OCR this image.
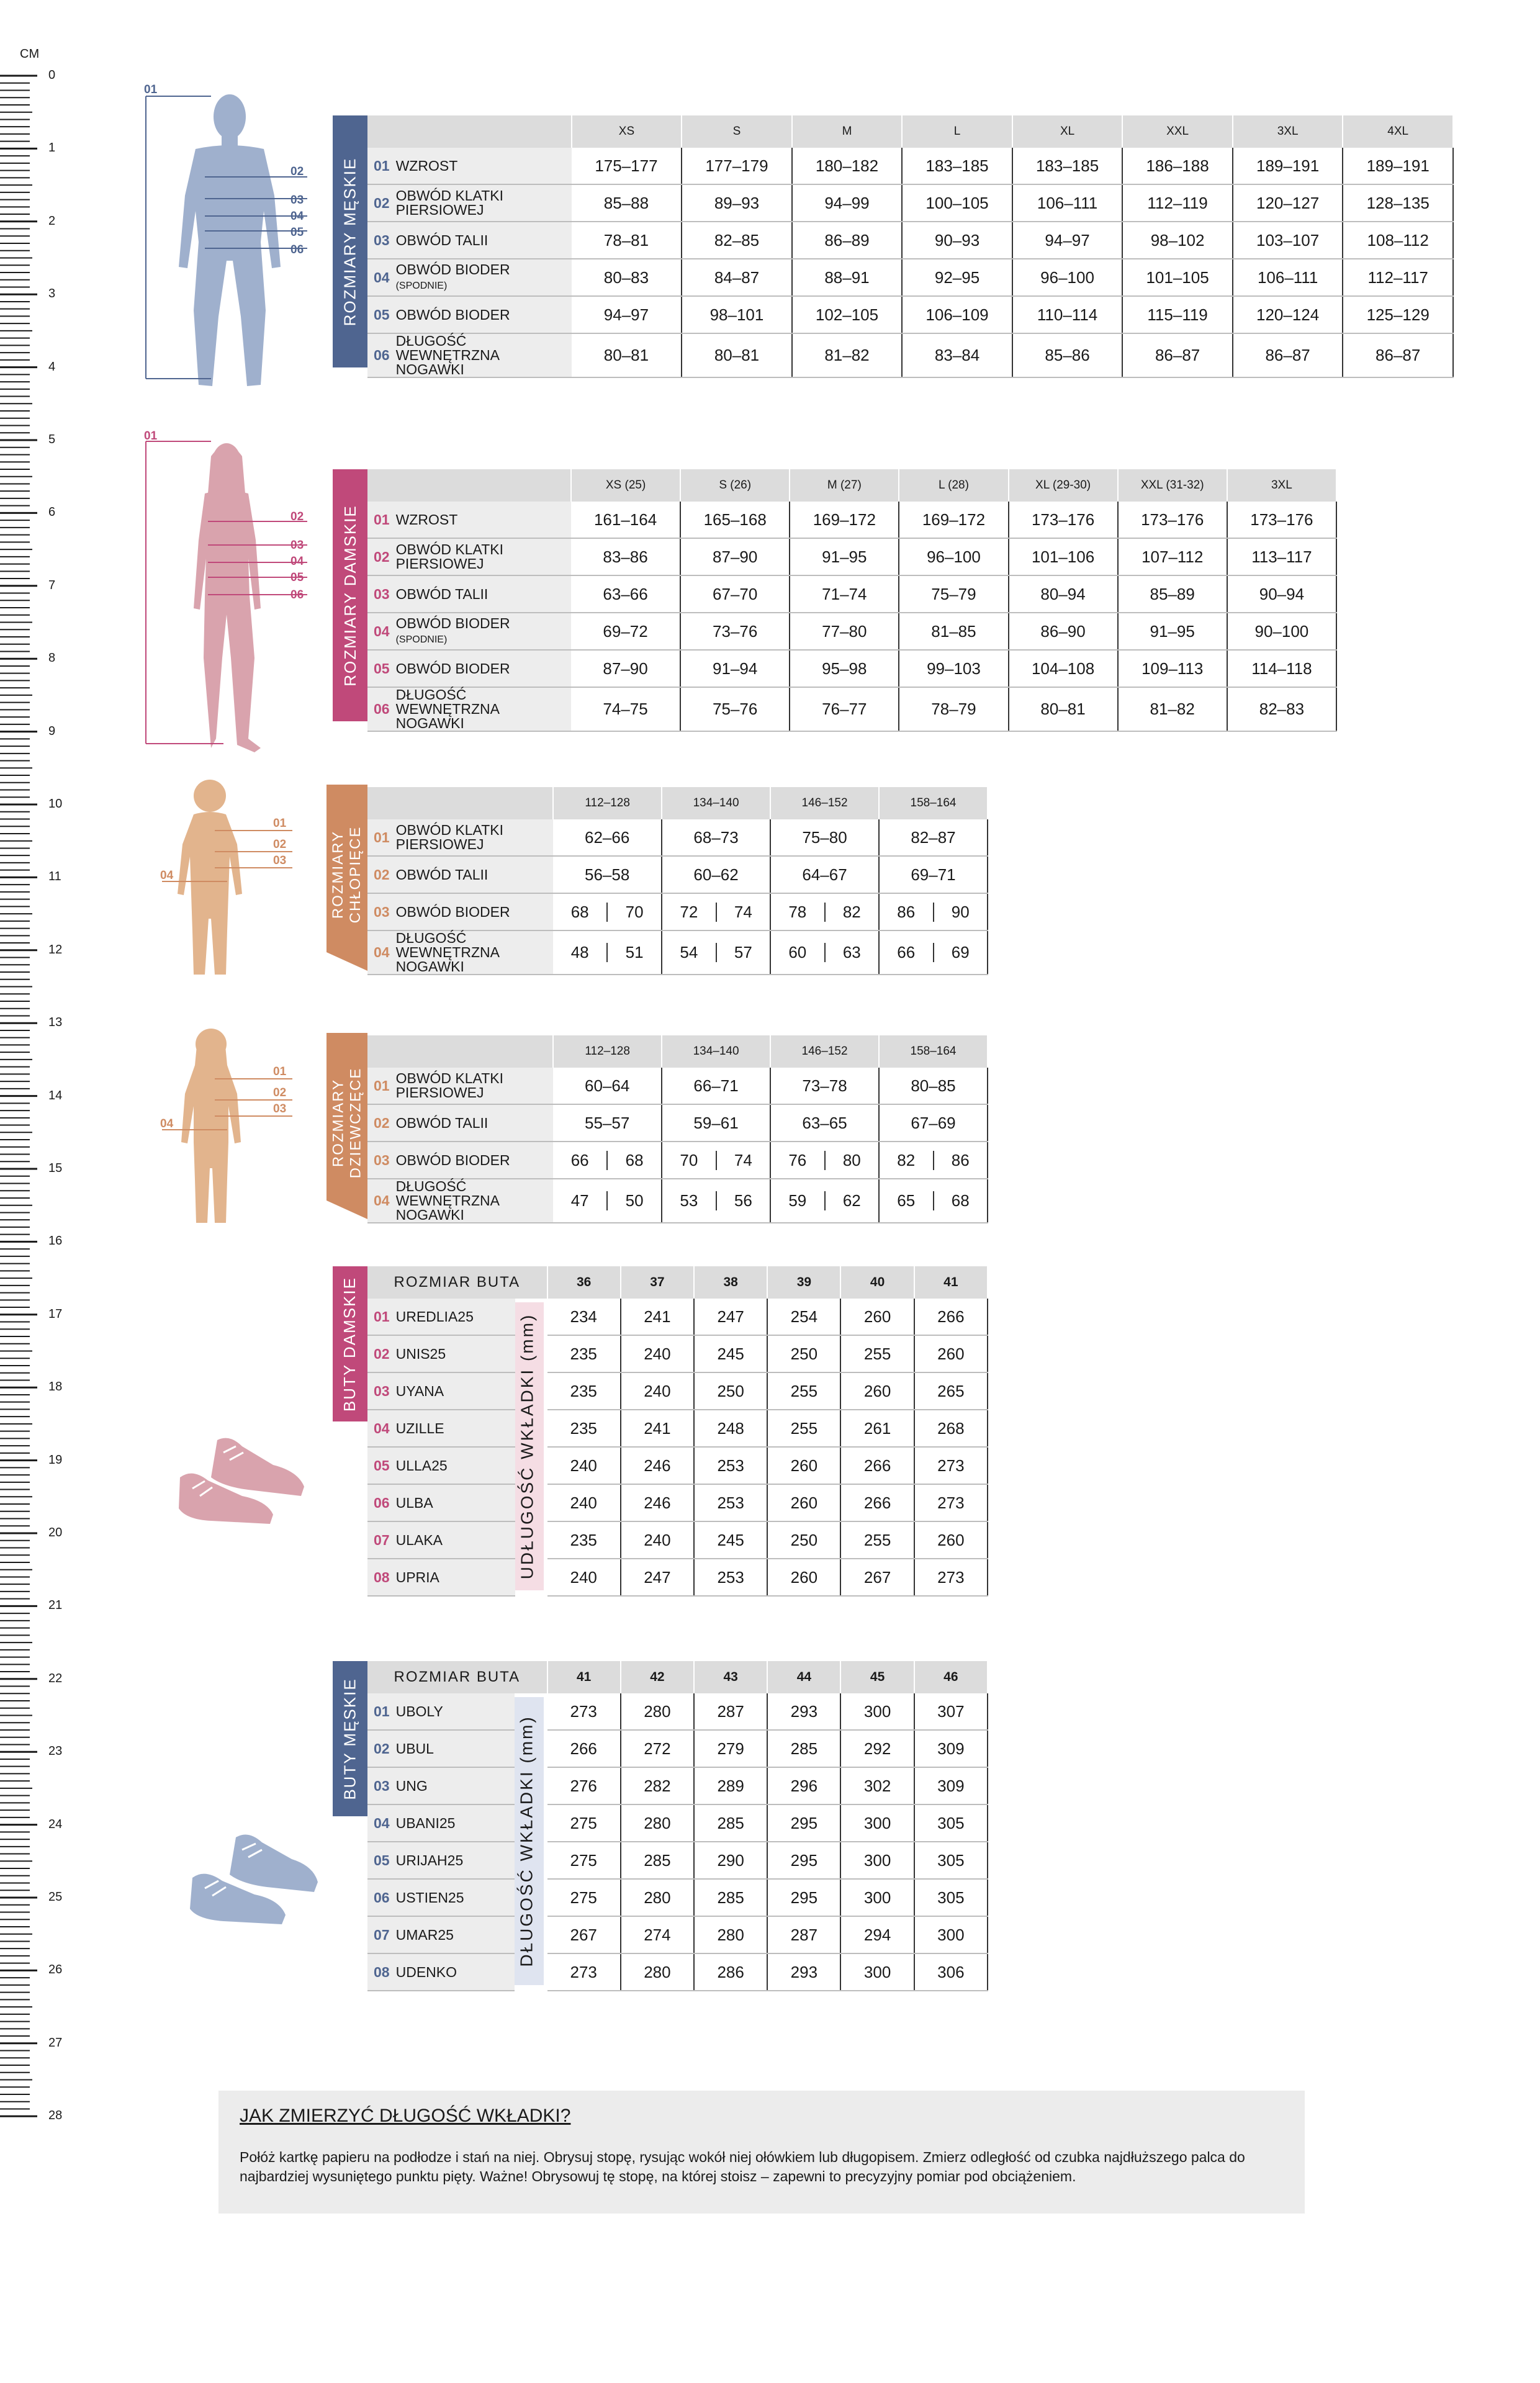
CM
0
1
2
3
4
5
6
7
8
9
10
11
12
13
14
15
16
17
18
19
20
21
22
23
24
25
26
27
28
01
02
03
04
05
06 ROZMIARY MĘSKIE
	XS	S	M	L	XL	XXL	3XL	4XL

01 WZROST	175–177	177–179	180–182	183–185	183–185	186–188	189–191	189–191

02 OBWÓD KLATKI PIERSIOWEJ	85–88	89–93	94–99	100–105	106–111	112–119	120–127	128–135

03 OBWÓD TALII	78–81	82–85	86–89	90–93	94–97	98–102	103–107	108–112

04 OBWÓD BIODER (SPODNIE)	80–83	84–87	88–91	92–95	96–100	101–105	106–111	112–117

05 OBWÓD BIODER	94–97	98–101	102–105	106–109	110–114	115–119	120–124	125–129

06
DŁUGOŚĆ WEWNĘTRZNA NOGAWKI	80–81	80–81	81–82	83–84	85–86	86–87	86–87	86–87
01
02
03
04
05
06 ROZMIARY DAMSKIE
	XS (25)	S (26)	M (27)	L (28)	XL (29-30)	XXL (31-32)	3XL

01 WZROST	161–164	165–168	169–172	169–172	173–176	173–176	173–176

02 OBWÓD KLATKI PIERSIOWEJ	83–86	87–90	91–95	96–100	101–106	107–112	113–117

03 OBWÓD TALII	63–66	67–70	71–74	75–79	80–94	85–89	90–94

04 OBWÓD BIODER (SPODNIE)	69–72	73–76	77–80	81–85	86–90	91–95	90–100

05 OBWÓD BIODER	87–90	91–94	95–98	99–103	104–108	109–113	114–118

06
DŁUGOŚĆ WEWNĘTRZNA NOGAWKI	74–75	75–76	76–77	78–79	80–81	81–82	82–83
01
02
03
04	ROZMIARY
CHŁOPIĘCE
	112–128	134–140	146–152	158–164

01 OBWÓD KLATKI PIERSIOWEJ	62–66	68–73	75–80	82–87

02 OBWÓD TALII	56–58	60–62	64–67	69–71

03 OBWÓD BIODER	68 70	72 74	78 82	86 90

04
DŁUGOŚĆ WEWNĘTRZNA NOGAWKI	48 51	54 57	60 63	66 69
01
02
03
04	ROZMIARY
DZIEWCZĘCE
	112–128	134–140	146–152	158–164

01 OBWÓD KLATKI PIERSIOWEJ	60–64	66–71	73–78	80–85

02 OBWÓD TALII	55–57	59–61	63–65	67–69

03 OBWÓD BIODER	66 68	70 74	76 80	82 86

04
DŁUGOŚĆ WEWNĘTRZNA NOGAWKI	47 50	53 56	59 62	65 68
BUTY DAMSKIE	UDŁUGOŚĆ WKŁADKI (mm)
ROZMIAR BUTA		36	37	38	39	40	41
01 UREDLIA25		234	241	247	254	260	266
02 UNIS25		235	240	245	250	255	260
03 UYANA		235	240	250	255	260	265
04 UZILLE		235	241	248	255	261	268
05 ULLA25		240	246	253	260	266	273
06 ULBA		240	246	253	260	266	273
07 ULAKA		235	240	245	250	255	260
08 UPRIA		240	247	253	260	267	273
BUTY MĘSKIE	DŁUGOŚĆ WKŁADKI (mm)
ROZMIAR BUTA		41	42	43	44	45	46
01 UBOLY		273	280	287	293	300	307
02 UBUL		266	272	279	285	292	309
03 UNG		276	282	289	296	302	309
04 UBANI25		275	280	285	295	300	305
05 URIJAH25		275	285	290	295	300	305
06 USTIEN25		275	280	285	295	300	305
07 UMAR25		267	274	280	287	294	300
08 UDENKO		273	280	286	293	300	306
JAK ZMIERZYĆ DŁUGOŚĆ WKŁADKI?

Połóż kartkę papieru na podłodze i stań na niej. Obrysuj stopę, rysując wokół niej ołówkiem lub długopisem. Zmierz odległość od czubka najdłuższego palca do najbardziej wysuniętego punktu pięty. Ważne! Obrysowuj tę stopę, na której stoisz – zapewni to precyzyjny pomiar pod obciążeniem.
